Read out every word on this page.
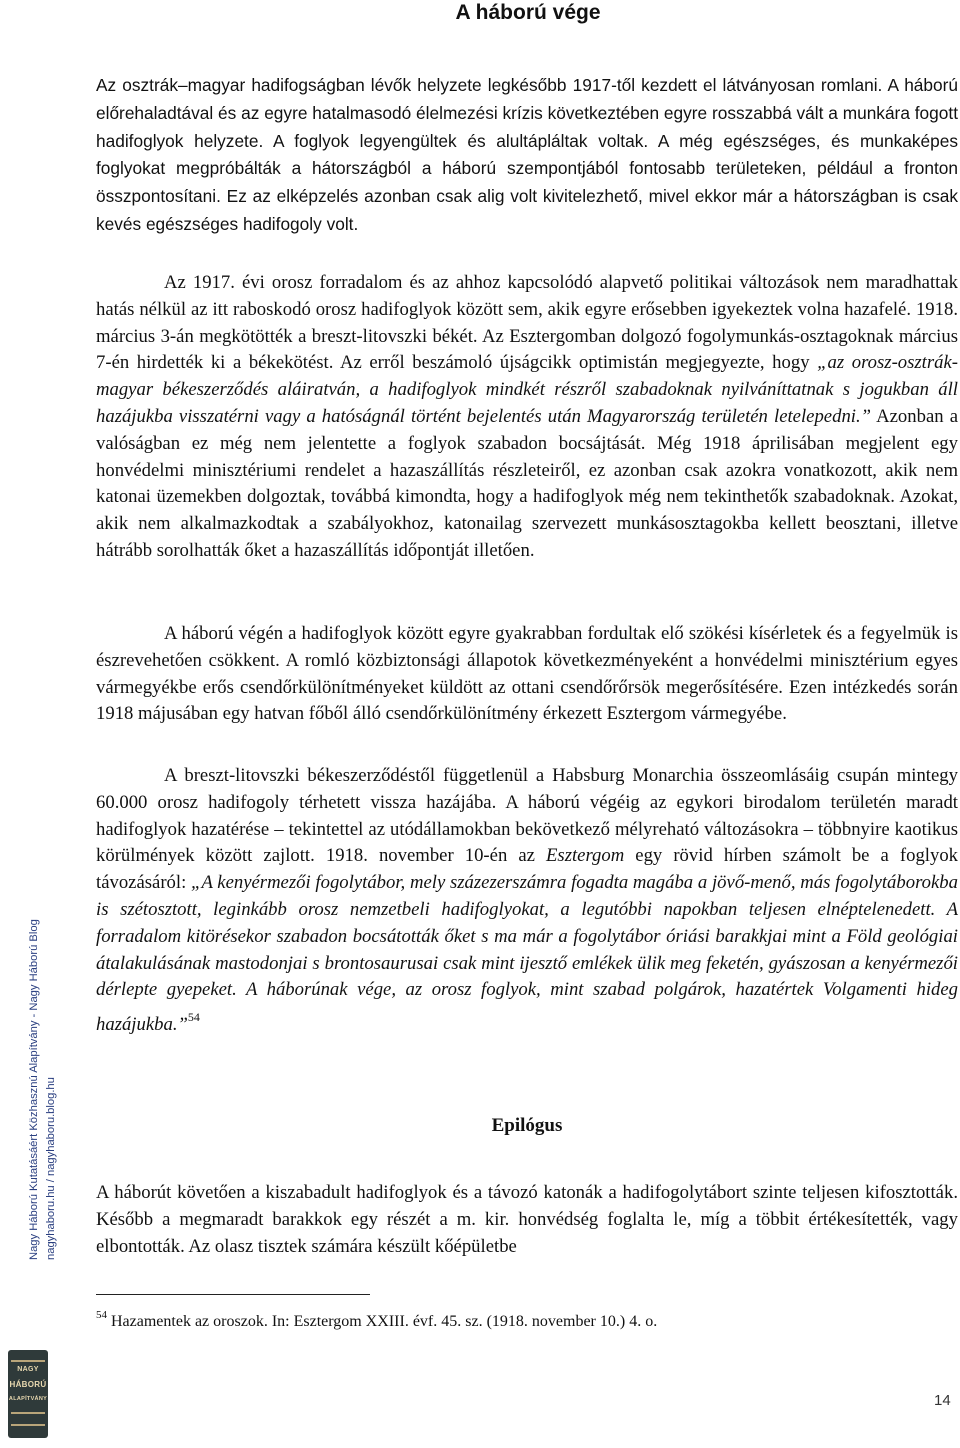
A háború vége

Az osztrák–magyar hadifogságban lévők helyzete legkésőbb 1917-től kezdett el látványosan romlani. A háború előrehaladtával és az egyre hatalmasodó élelmezési krízis következtében egyre rosszabbá vált a munkára fogott hadifoglyok helyzete. A foglyok legyengültek és alultápláltak voltak. A még egészséges, és munkaképes foglyokat megpróbálták a hátországból a háború szempontjából fontosabb területeken, például a fronton összpontosítani. Ez az elképzelés azonban csak alig volt kivitelezhető, mivel ekkor már a hátországban is csak kevés egészséges hadifogoly volt.

Az 1917. évi orosz forradalom és az ahhoz kapcsolódó alapvető politikai változások nem maradhattak hatás nélkül az itt raboskodó orosz hadifoglyok között sem, akik egyre erősebben igyekeztek volna hazafelé. 1918. március 3-án megkötötték a breszt-litovszki békét. Az Esztergomban dolgozó fogolymunkás-osztagoknak március 7-én hirdették ki a békekötést. Az erről beszámoló újságcikk optimistán megjegyezte, hogy „az orosz-osztrák-magyar békeszerződés aláiratván, a hadifoglyok mindkét részről szabadoknak nyilváníttatnak s jogukban áll hazájukba visszatérni vagy a hatóságnál történt bejelentés után Magyarország területén letelepedni.” Azonban a valóságban ez még nem jelentette a foglyok szabadon bocsájtását. Még 1918 áprilisában megjelent egy honvédelmi minisztériumi rendelet a hazaszállítás részleteiről, ez azonban csak azokra vonatkozott, akik nem katonai üzemekben dolgoztak, továbbá kimondta, hogy a hadifoglyok még nem tekinthetők szabadoknak. Azokat, akik nem alkalmazkodtak a szabályokhoz, katonailag szervezett munkásosztagokba kellett beosztani, illetve hátrább sorolhatták őket a hazaszállítás időpontját illetően.

A háború végén a hadifoglyok között egyre gyakrabban fordultak elő szökési kísérletek és a fegyelmük is észrevehetően csökkent. A romló közbiztonsági állapotok következményeként a honvédelmi minisztérium egyes vármegyékbe erős csendőrkülönítményeket küldött az ottani csendőrőrsök megerősítésére. Ezen intézkedés során 1918 májusában egy hatvan főből álló csendőrkülönítmény érkezett Esztergom vármegyébe.

A breszt-litovszki békeszerződéstől függetlenül a Habsburg Monarchia összeomlásáig csupán mintegy 60.000 orosz hadifogoly térhetett vissza hazájába. A háború végéig az egykori birodalom területén maradt hadifoglyok hazatérése – tekintettel az utódállamokban bekövetkező mélyreható változásokra – többnyire kaotikus körülmények között zajlott. 1918. november 10-én az Esztergom egy rövid hírben számolt be a foglyok távozásáról: „A kenyérmezői fogolytábor, mely százezerszámra fogadta magába a jövő-menő, más fogolytáborokba is szétosztott, leginkább orosz nemzetbeli hadifoglyokat, a legutóbbi napokban teljesen elnéptelenedett. A forradalom kitörésekor szabadon bocsátották őket s ma már a fogolytábor óriási barakkjai mint a Föld geológiai átalakulásának mastodonjai s brontosaurusai csak mint ijesztő emlékek ülik meg feketén, gyászosan a kenyérmezői dérlepte gyepeket. A háborúnak vége, az orosz foglyok, mint szabad polgárok, hazatértek Volgamenti hideg hazájukba.”$^{54}$

Epilógus

A háborút követően a kiszabadult hadifoglyok és a távozó katonák a hadifogolytábort szinte teljesen kifosztották. Később a megmaradt barakkok egy részét a m. kir. honvédség foglalta le, míg a többit értékesítették, vagy elbontották. Az olasz tisztek számára készült kőépületbe

$^{54}$ Hazamentek az oroszok. In: Esztergom XXIII. évf. 45. sz. (1918. november 10.) 4. o.
14
Nagy Háború Kutatásáért Közhasznú Alapítvány - Nagy Háború Blog nagyhaboru.hu / nagyhaboru.blog.hu
NAGY
HÁBORÚ
ALAPÍTVÁNY
